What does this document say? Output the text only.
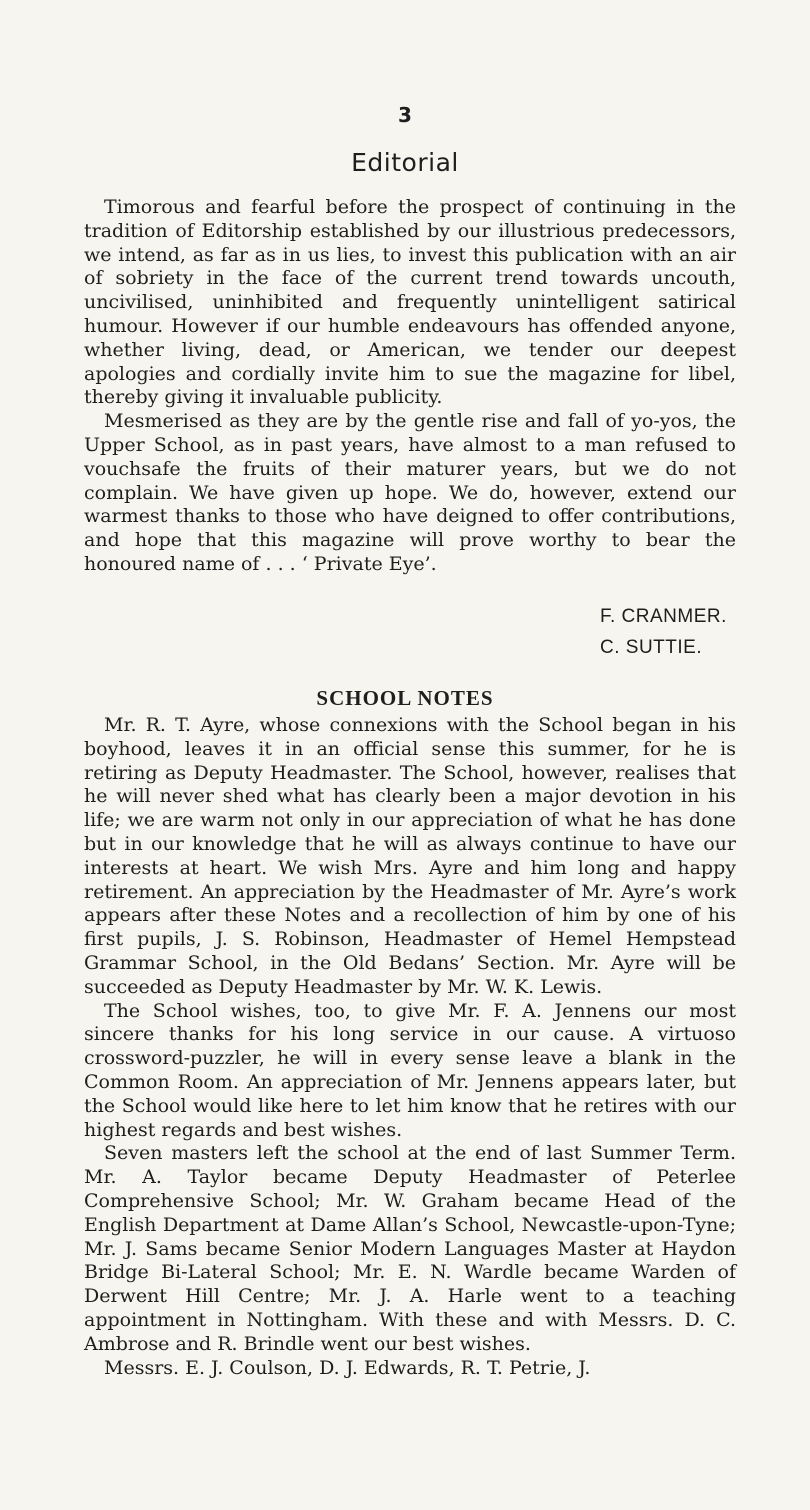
3
Editorial

Timorous and fearful before the prospect of continuing in the tradition of Editorship established by our illustrious predecessors, we intend, as far as in us lies, to invest this publication with an air of sobriety in the face of the current trend towards uncouth, uncivilised, uninhibited and frequently unintelligent satirical humour. However if our humble endeavours has offended anyone, whether living, dead, or American, we tender our deepest apologies and cordially invite him to sue the magazine for libel, thereby giving it invaluable publicity.

Mesmerised as they are by the gentle rise and fall of yo-yos, the Upper School, as in past years, have almost to a man refused to vouchsafe the fruits of their maturer years, but we do not complain. We have given up hope. We do, however, extend our warmest thanks to those who have deigned to offer contributions, and hope that this magazine will prove worthy to bear the honoured name of . . . ‘ Private Eye’.

F. CRANMER.
C. SUTTIE.
SCHOOL NOTES

Mr. R. T. Ayre, whose connexions with the School began in his boyhood, leaves it in an official sense this summer, for he is retiring as Deputy Headmaster. The School, however, realises that he will never shed what has clearly been a major devotion in his life; we are warm not only in our appreciation of what he has done but in our knowledge that he will as always continue to have our interests at heart. We wish Mrs. Ayre and him long and happy retirement. An appreciation by the Headmaster of Mr. Ayre’s work appears after these Notes and a recollection of him by one of his first pupils, J. S. Robinson, Headmaster of Hemel Hempstead Grammar School, in the Old Bedans’ Section. Mr. Ayre will be succeeded as Deputy Headmaster by Mr. W. K. Lewis.

The School wishes, too, to give Mr. F. A. Jennens our most sincere thanks for his long service in our cause. A virtuoso crossword-puzzler, he will in every sense leave a blank in the Common Room. An appreciation of Mr. Jennens appears later, but the School would like here to let him know that he retires with our highest regards and best wishes.

Seven masters left the school at the end of last Summer Term. Mr. A. Taylor became Deputy Headmaster of Peterlee Comprehensive School; Mr. W. Graham became Head of the English Department at Dame Allan’s School, Newcastle-upon-Tyne; Mr. J. Sams became Senior Modern Languages Master at Haydon Bridge Bi-Lateral School; Mr. E. N. Wardle became Warden of Derwent Hill Centre; Mr. J. A. Harle went to a teaching appointment in Nottingham. With these and with Messrs. D. C. Ambrose and R. Brindle went our best wishes.

Messrs. E. J. Coulson, D. J. Edwards, R. T. Petrie, J.
